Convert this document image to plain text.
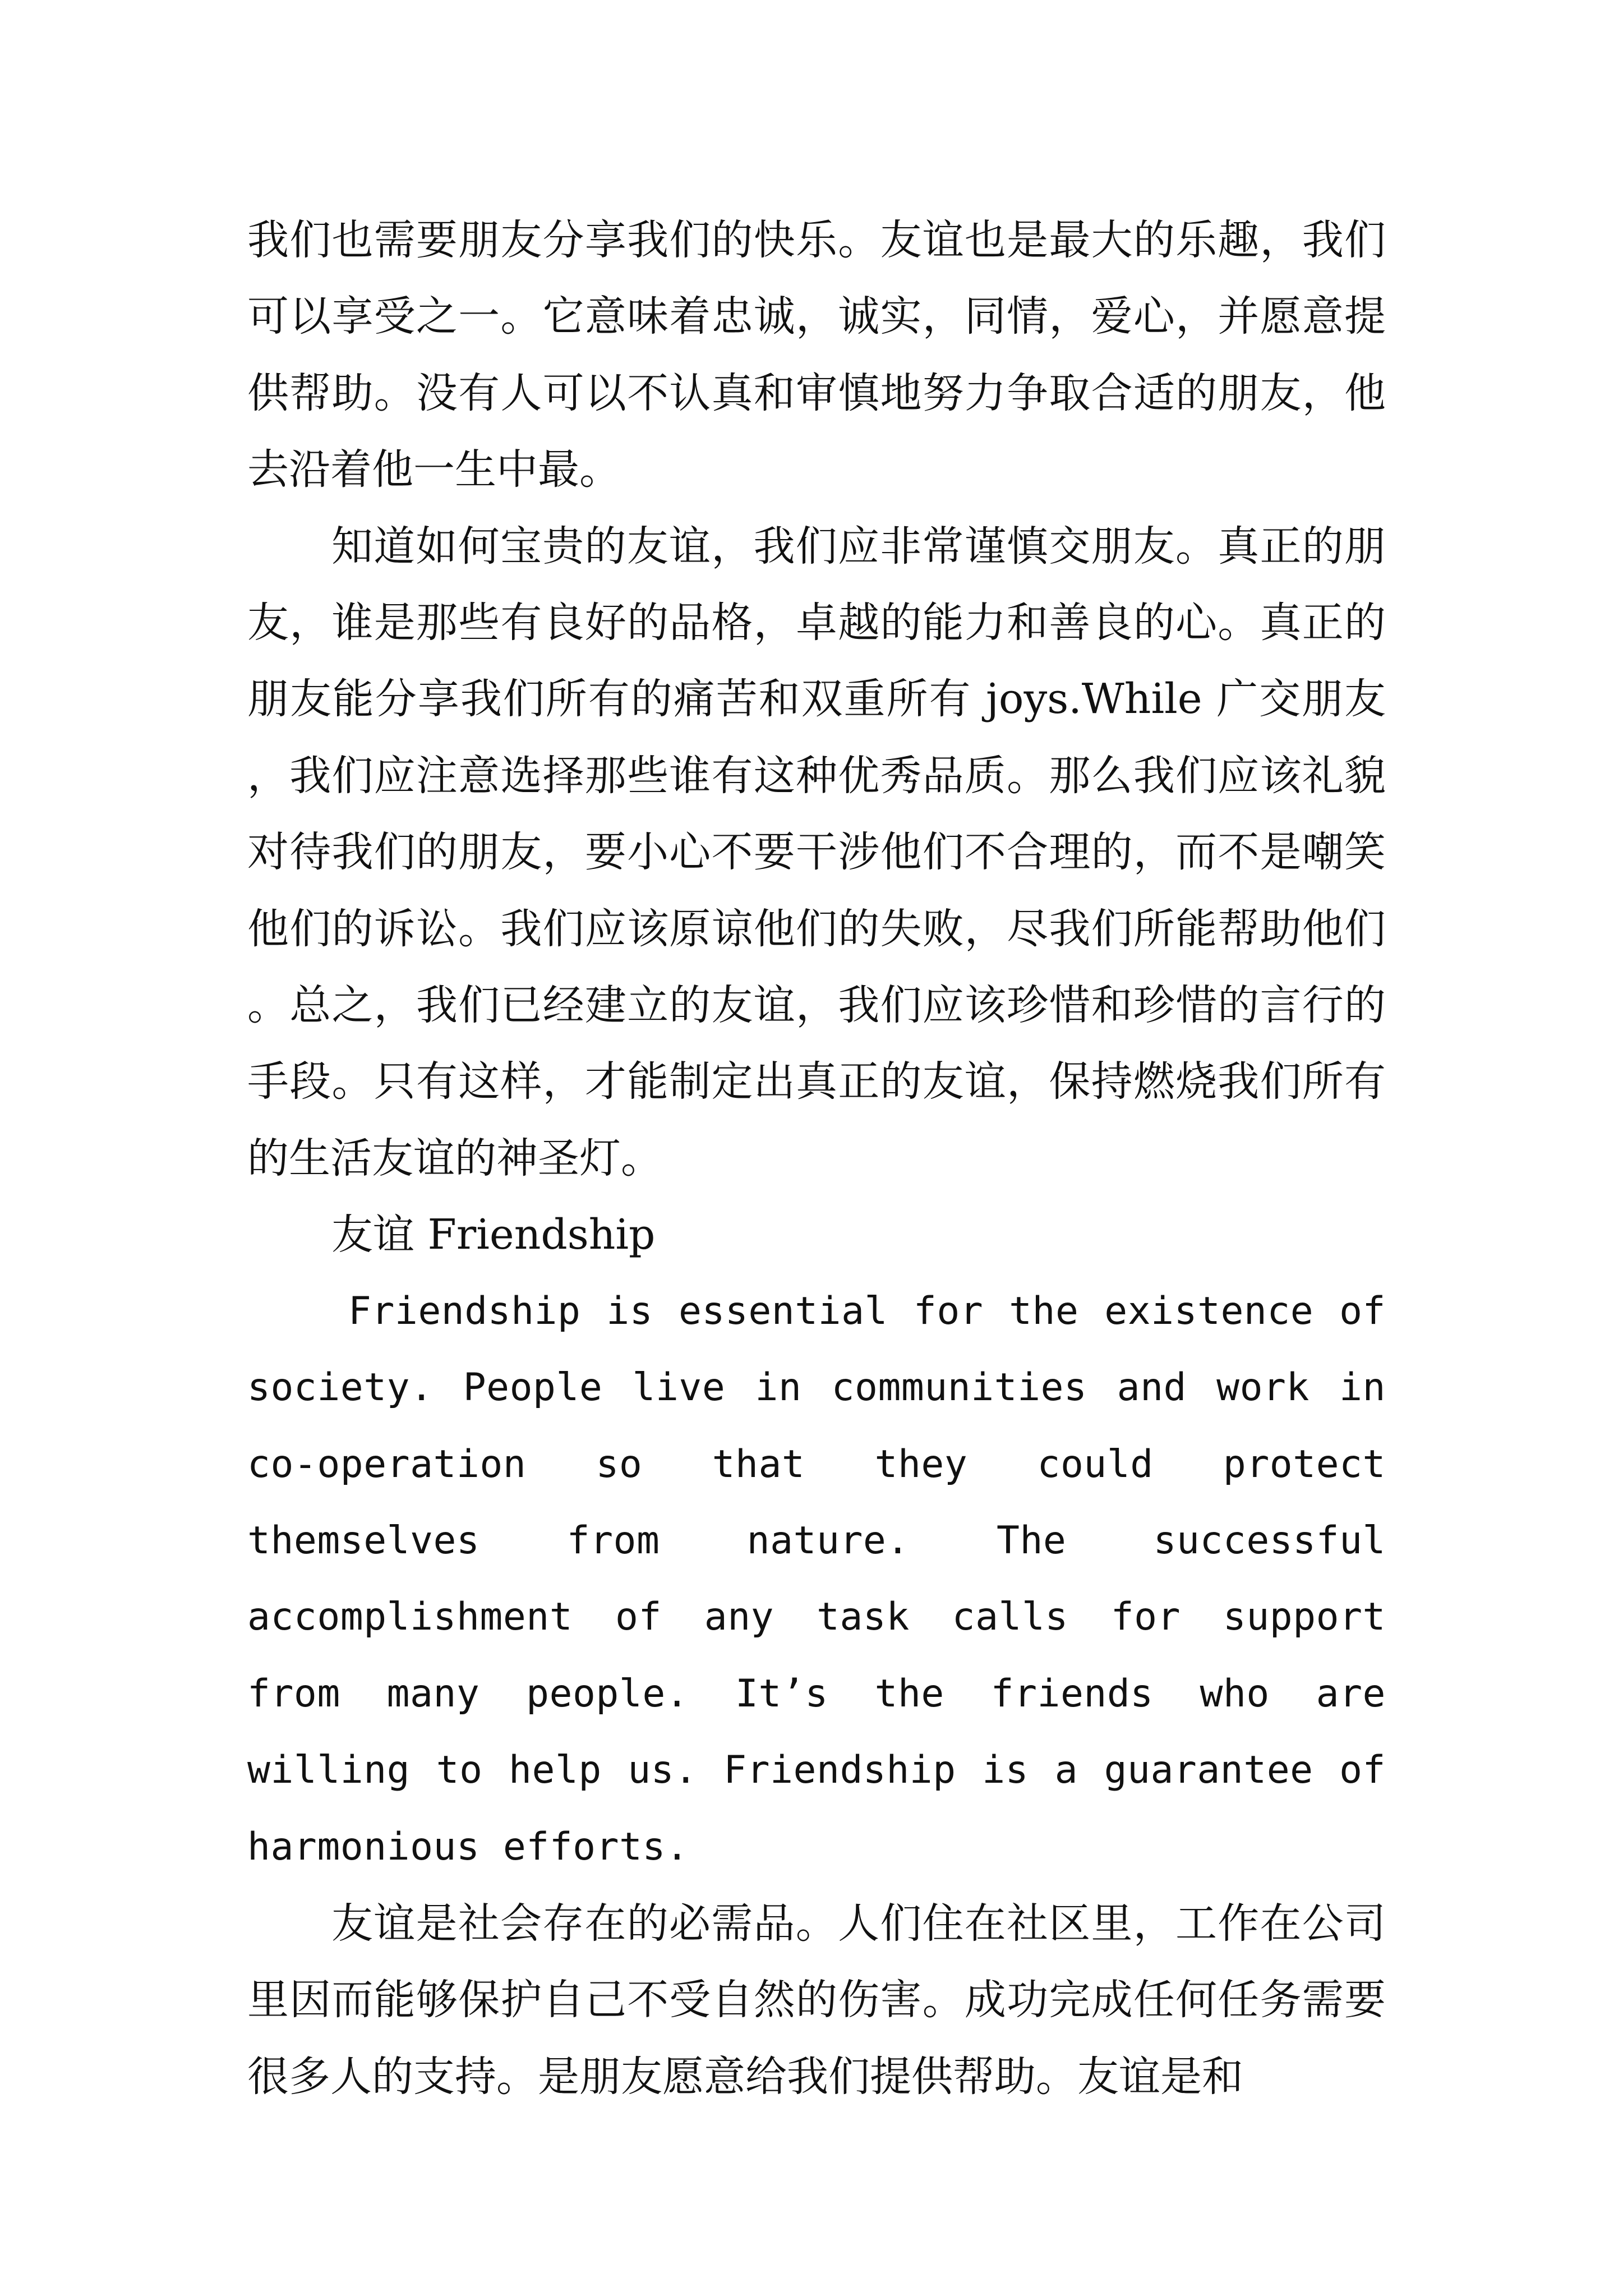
我们也需要朋友分享我们的快乐。友谊也是最大的乐趣，我们可以享受之一。它意味着忠诚，诚实，同情，爱心，并愿意提供帮助。没有人可以不认真和审慎地努力争取合适的朋友，他去沿着他一生中最。

知道如何宝贵的友谊，我们应非常谨慎交朋友。真正的朋友，谁是那些有良好的品格，卓越的能力和善良的心。真正的朋友能分享我们所有的痛苦和双重所有 joys.While 广交朋友，我们应注意选择那些谁有这种优秀品质。那么我们应该礼貌对待我们的朋友，要小心不要干涉他们不合理的，而不是嘲笑他们的诉讼。我们应该原谅他们的失败，尽我们所能帮助他们。总之，我们已经建立的友谊，我们应该珍惜和珍惜的言行的手段。只有这样，才能制定出真正的友谊，保持燃烧我们所有的生活友谊的神圣灯。

友谊 Friendship

Friendship is essential for the existence of society. People live in communities and work in co-operation so that they could protect themselves from nature. The successful accomplishment of any task calls for support from many people. It’s the friends who are willing to help us. Friendship is a guarantee of harmonious efforts.

友谊是社会存在的必需品。人们住在社区里，工作在公司里因而能够保护自己不受自然的伤害。成功完成任何任务需要很多人的支持。是朋友愿意给我们提供帮助。友谊是和
